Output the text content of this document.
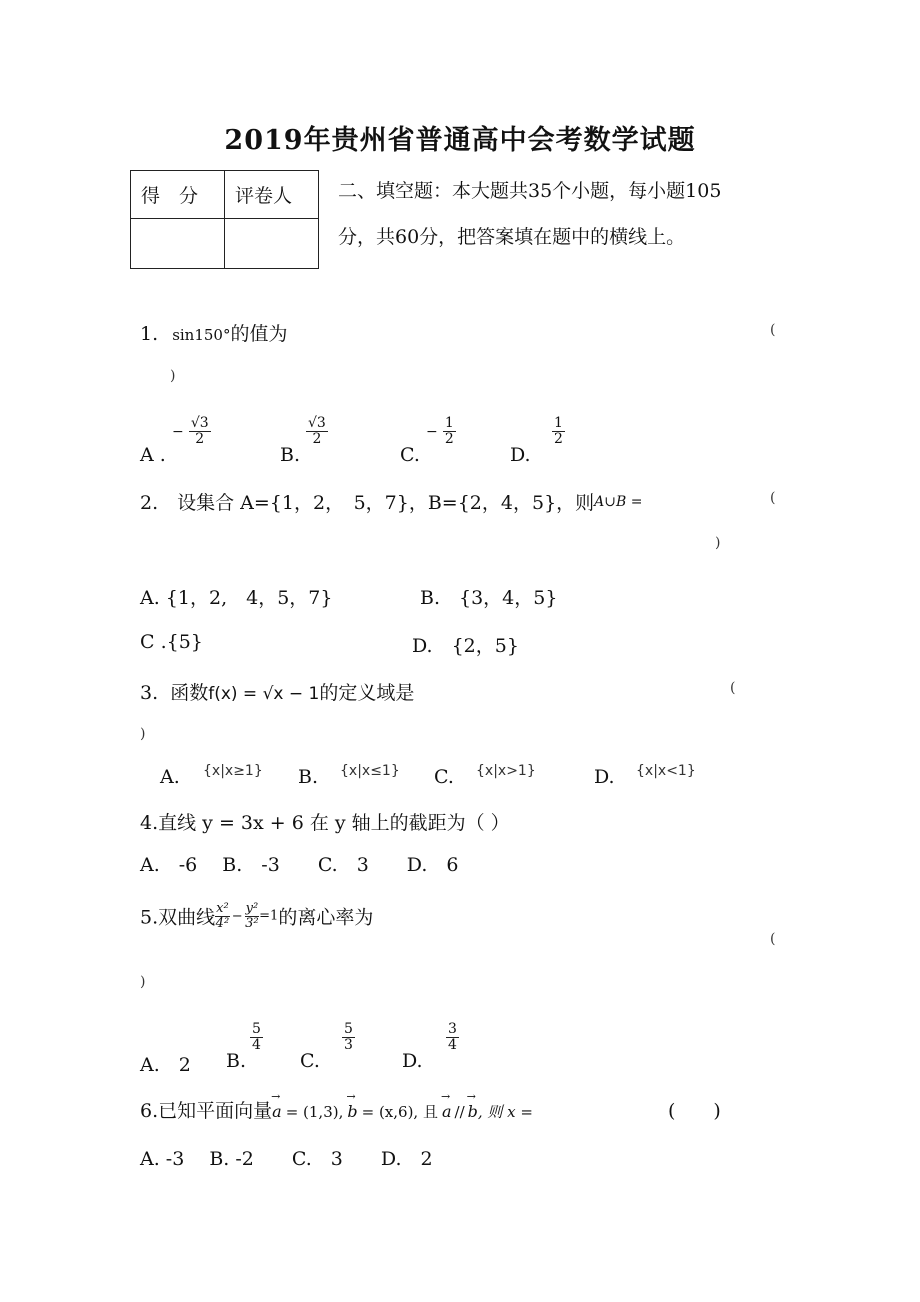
2019年贵州省普通高中会考数学试题
得　分	评卷人
	二、填空题：本大题共35个小题，每小题105
分，共60分，把答案填在题中的横线上。
1. sin150°的值为	(
)
A .
− $\frac{√3}{2}$
B.
$\frac{√3}{2}$
C.
− $\frac{1}{2}$
D.
$\frac{1}{2}$
2.　设集合 A={1，2，　5，7}，B={2，4，5}，则A∪B =	(
)
A. {1，2,　4，5，7}	B.　{3，4，5}
C .{5}	D.　{2，5}
3. 函数f(x) = √x − 1的定义域是	(
)
A. {x|x≥1} B. {x|x≤1} C. {x|x>1}	D. {x|x<1}
4.直线 y = 3x + 6 在 y 轴上的截距为（ ）
A.　-6　 B.　-3　　C.　3　　D.　6
5.双曲线 $\frac{\text{x²}}{\text{4²}} - \frac{\text{y²}}{\text{3²}} =1$的离心率为
(
)
A.　2 B.
$\frac{5}{4}$
C.
$\frac{5}{3}$
D.
$\frac{3}{4}$
6.已知平面向量→ a = (1,3), → b = (x,6), 且 → a // → b, 则 x =	(　　)
A. -3　 B. -2　　C.　3　　D.　2
